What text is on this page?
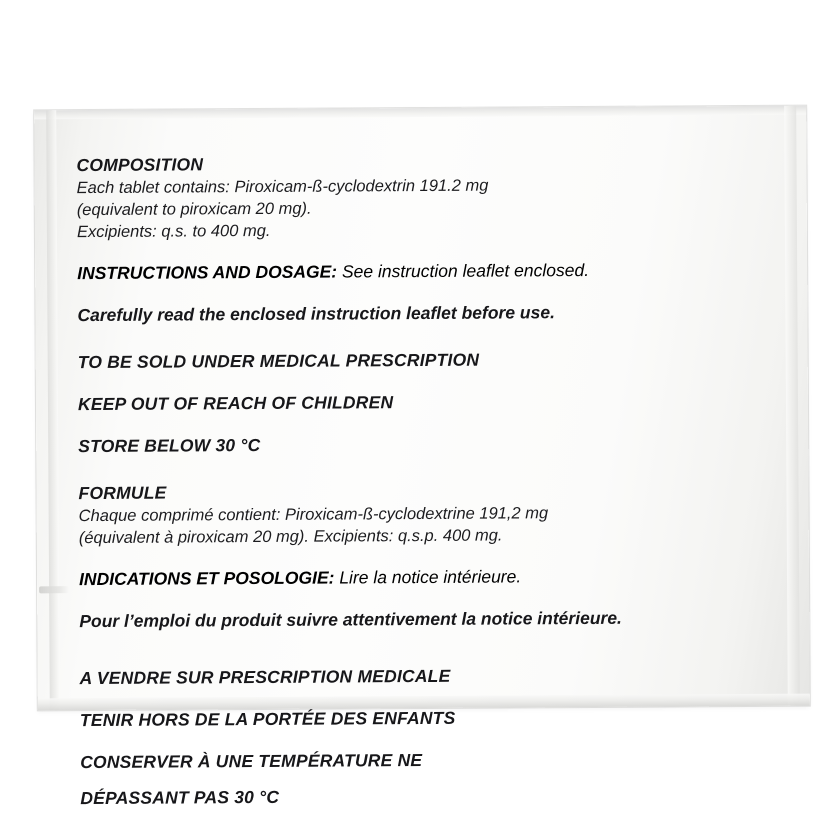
COMPOSITION
Each tablet contains: Piroxicam-ß-cyclodextrin 191.2 mg
(equivalent to piroxicam 20 mg).
Excipients: q.s. to 400 mg.
INSTRUCTIONS AND DOSAGE: See instruction leaflet enclosed.
Carefully read the enclosed instruction leaflet before use.
TO BE SOLD UNDER MEDICAL PRESCRIPTION
KEEP OUT OF REACH OF CHILDREN
STORE BELOW 30 °C
FORMULE
Chaque comprimé contient: Piroxicam-ß-cyclodextrine 191,2 mg
(équivalent à piroxicam 20 mg). Excipients: q.s.p. 400 mg.
INDICATIONS ET POSOLOGIE: Lire la notice intérieure.
Pour l’emploi du produit suivre attentivement la notice intérieure.
A VENDRE SUR PRESCRIPTION MEDICALE
TENIR HORS DE LA PORTÉE DES ENFANTS
CONSERVER À UNE TEMPÉRATURE NE
DÉPASSANT PAS 30 °C
